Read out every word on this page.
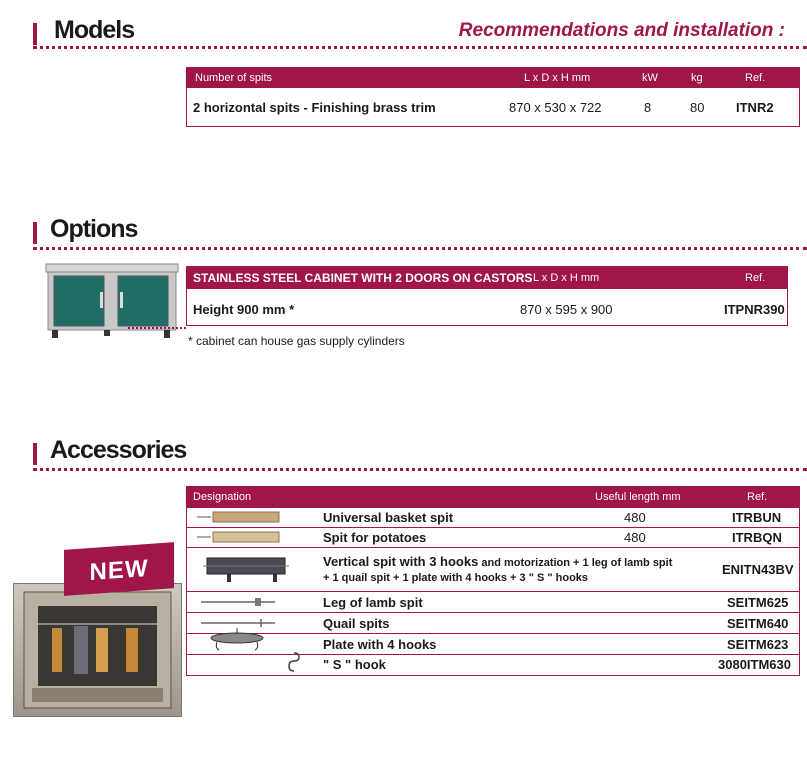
Models	Recommendations and installation :
Number of spits	L x D x H mm	kW	kg	Ref.
2 horizontal spits - Finishing brass trim	870 x 530 x 722	8	80 ITNR2
Options
STAINLESS STEEL CABINET WITH 2 DOORS ON CASTORS L x D x H mm	Ref.
Height 900 mm *	870 x 595 x 900	ITPNR390
* cabinet can house gas supply cylinders
Accessories
NEW
Designation	Useful length mm	Ref.
Universal basket spit	480	ITRBUN
Spit for potatoes	480	ITRBQN
Vertical spit with 3 hooks and motorization + 1 leg of lamb spit
+ 1 quail spit + 1 plate with 4 hooks + 3 " S " hooks
ENITN43BV
Leg of lamb spit	SEITM625
Quail spits	SEITM640
Plate with 4 hooks	SEITM623
" S " hook	3080ITM630
